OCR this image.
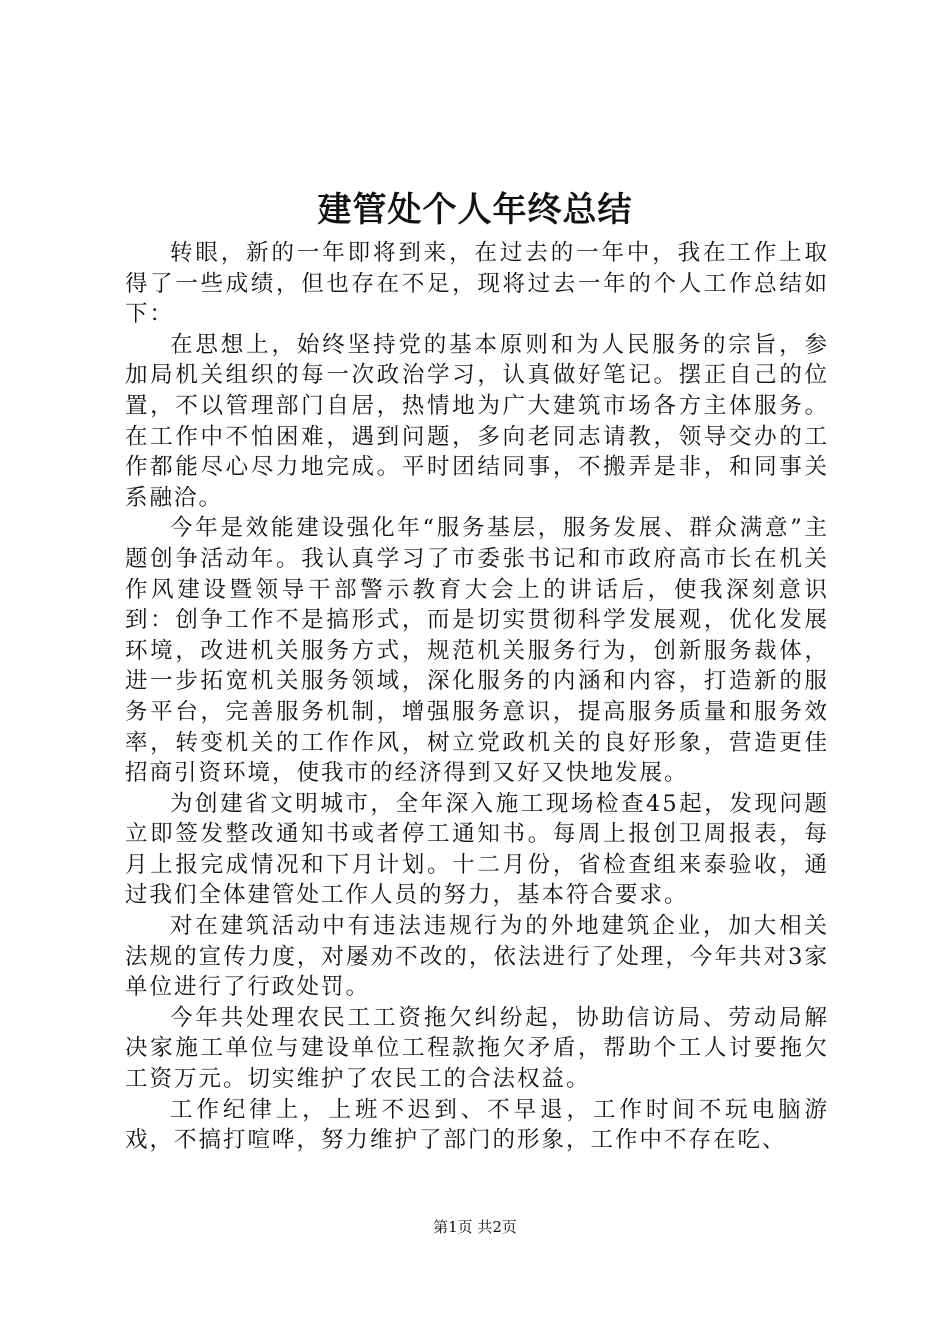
建管处个人年终总结

转眼，新的一年即将到来，在过去的一年中，我在工作上取得了一些成绩，但也存在不足，现将过去一年的个人工作总结如下：

在思想上，始终坚持党的基本原则和为人民服务的宗旨，参加局机关组织的每一次政治学习，认真做好笔记。摆正自己的位置，不以管理部门自居，热情地为广大建筑市场各方主体服务。在工作中不怕困难，遇到问题，多向老同志请教，领导交办的工作都能尽心尽力地完成。平时团结同事，不搬弄是非，和同事关系融洽。

今年是效能建设强化年“服务基层，服务发展、群众满意”主题创争活动年。我认真学习了市委张书记和市政府高市长在机关作风建设暨领导干部警示教育大会上的讲话后，使我深刻意识到：创争工作不是搞形式，而是切实贯彻科学发展观，优化发展环境，改进机关服务方式，规范机关服务行为，创新服务裁体，进一步拓宽机关服务领域，深化服务的内涵和内容，打造新的服务平台，完善服务机制，增强服务意识，提高服务质量和服务效率，转变机关的工作作风，树立党政机关的良好形象，营造更佳招商引资环境，使我市的经济得到又好又快地发展。

为创建省文明城市，全年深入施工现场检查45起，发现问题立即签发整改通知书或者停工通知书。每周上报创卫周报表，每月上报完成情况和下月计划。十二月份，省检查组来泰验收，通过我们全体建管处工作人员的努力，基本符合要求。

对在建筑活动中有违法违规行为的外地建筑企业，加大相关法规的宣传力度，对屡劝不改的，依法进行了处理，今年共对3家单位进行了行政处罚。

今年共处理农民工工资拖欠纠纷起，协助信访局、劳动局解决家施工单位与建设单位工程款拖欠矛盾，帮助个工人讨要拖欠工资万元。切实维护了农民工的合法权益。

工作纪律上，上班不迟到、不早退，工作时间不玩电脑游戏，不搞打喧哗，努力维护了部门的形象，工作中不存在吃、

第1页 共2页
